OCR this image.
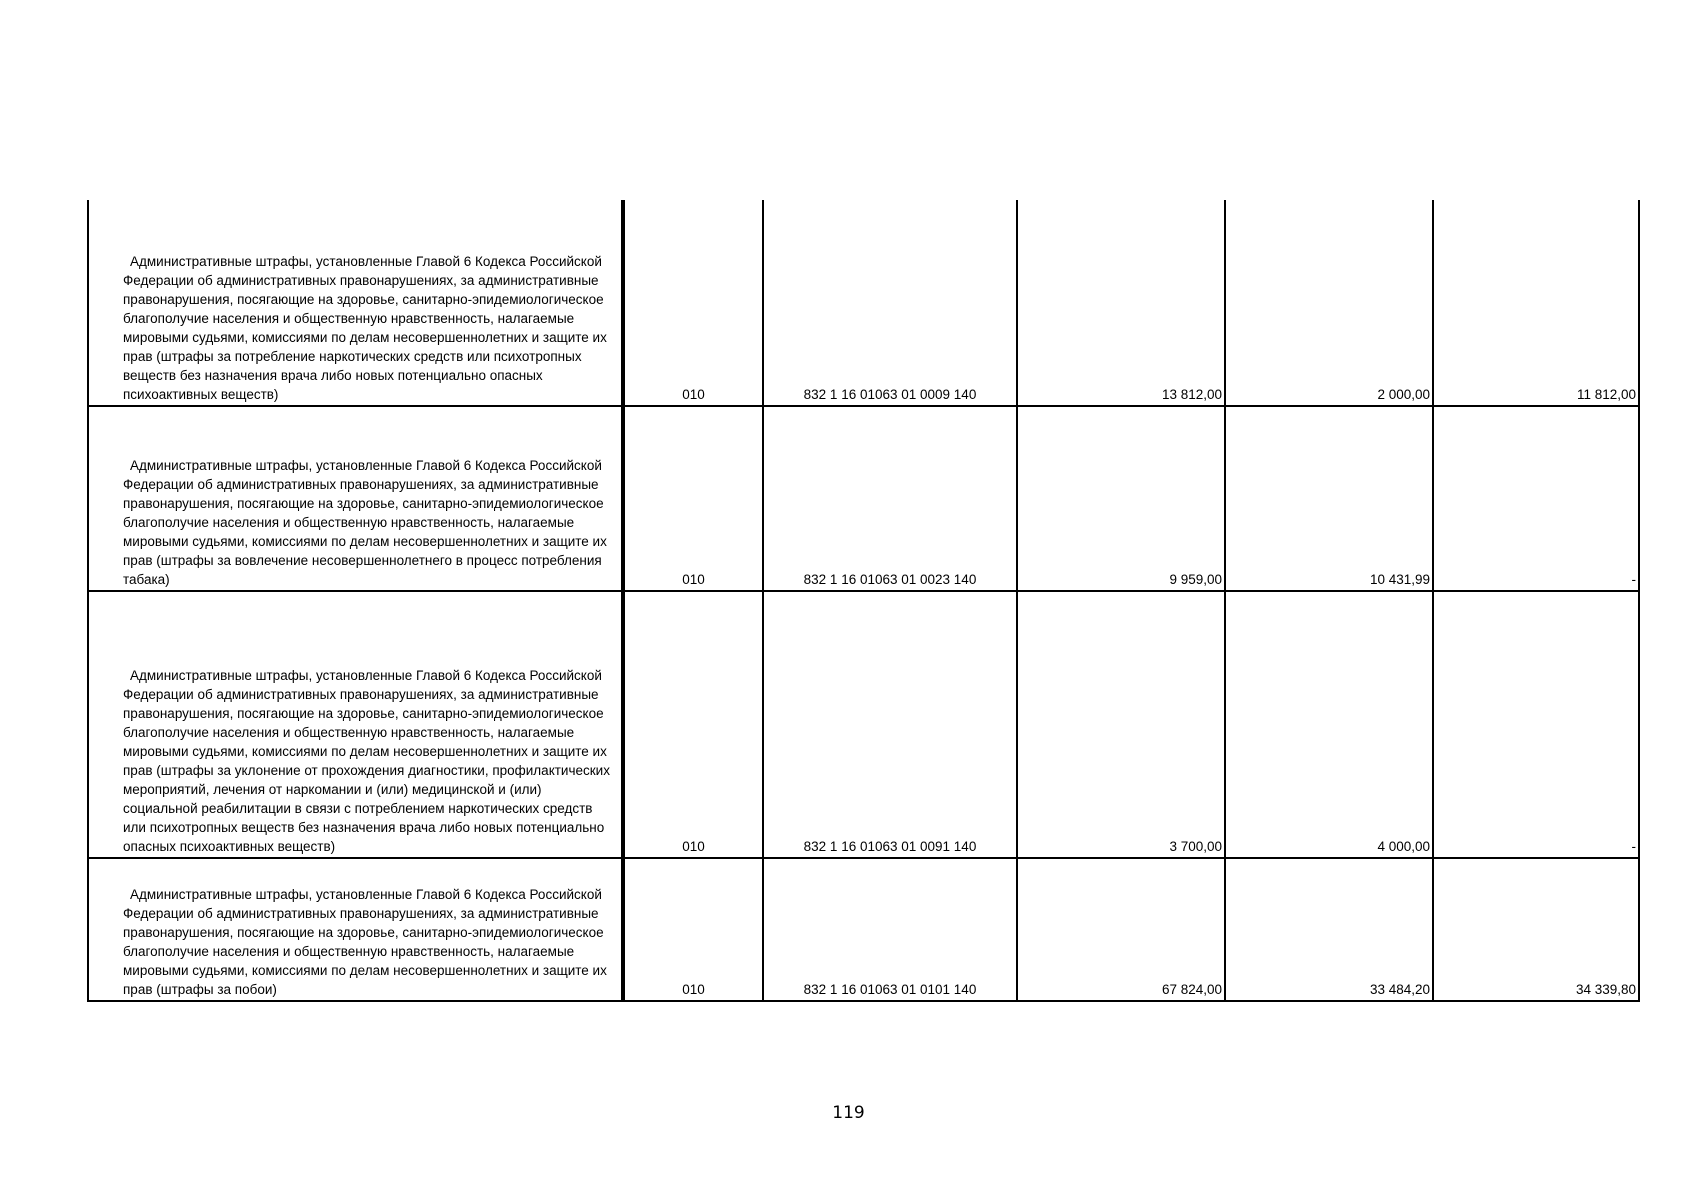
Административные штрафы, установленные Главой 6 Кодекса Российской Федерации об административных правонарушениях, за административные правонарушения, посягающие на здоровье, санитарно-эпидемиологическое благополучие населения и общественную нравственность, налагаемые мировыми судьями, комиссиями по делам несовершеннолетних и защите их прав (штрафы за потребление наркотических средств или психотропных веществ без назначения врача либо новых потенциально опасных психоактивных веществ)	010	832 1 16 01063 01 0009 140	13 812,00	2 000,00	11 812,00
Административные штрафы, установленные Главой 6 Кодекса Российской Федерации об административных правонарушениях, за административные правонарушения, посягающие на здоровье, санитарно-эпидемиологическое благополучие населения и общественную нравственность, налагаемые мировыми судьями, комиссиями по делам несовершеннолетних и защите их прав (штрафы за вовлечение несовершеннолетнего в процесс потребления табака)	010	832 1 16 01063 01 0023 140	9 959,00	10 431,99	-
Административные штрафы, установленные Главой 6 Кодекса Российской Федерации об административных правонарушениях, за административные правонарушения, посягающие на здоровье, санитарно-эпидемиологическое благополучие населения и общественную нравственность, налагаемые мировыми судьями, комиссиями по делам несовершеннолетних и защите их прав (штрафы за уклонение от прохождения диагностики, профилактических мероприятий, лечения от наркомании и (или) медицинской и (или) социальной реабилитации в связи с потреблением наркотических средств или психотропных веществ без назначения врача либо новых потенциально опасных психоактивных веществ)	010	832 1 16 01063 01 0091 140	3 700,00	4 000,00	-
Административные штрафы, установленные Главой 6 Кодекса Российской Федерации об административных правонарушениях, за административные правонарушения, посягающие на здоровье, санитарно-эпидемиологическое благополучие населения и общественную нравственность, налагаемые мировыми судьями, комиссиями по делам несовершеннолетних и защите их прав (штрафы за побои)	010	832 1 16 01063 01 0101 140	67 824,00	33 484,20	34 339,80
119
